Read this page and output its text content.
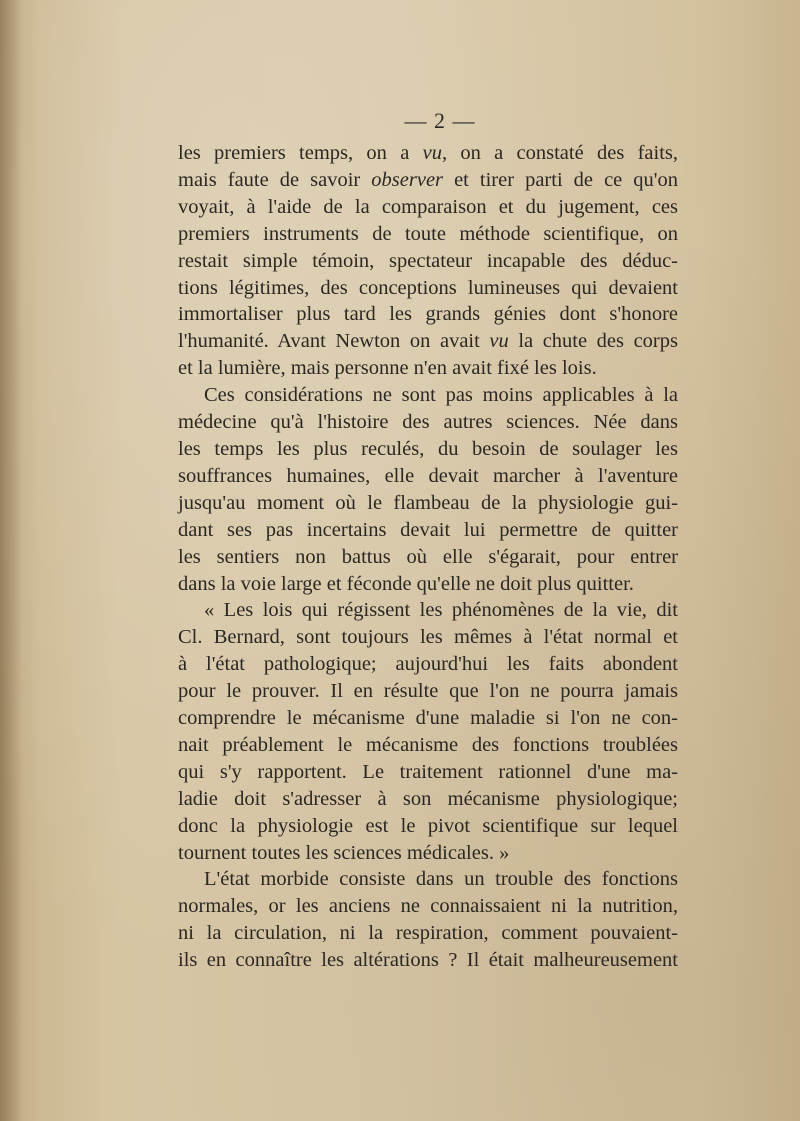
— 2 —
les premiers temps, on a vu, on a constaté des faits,
mais faute de savoir observer et tirer parti de ce qu'on
voyait, à l'aide de la comparaison et du jugement, ces
premiers instruments de toute méthode scientifique, on
restait simple témoin, spectateur incapable des déduc-
tions légitimes, des conceptions lumineuses qui devaient
immortaliser plus tard les grands génies dont s'honore
l'humanité. Avant Newton on avait vu la chute des corps
et la lumière, mais personne n'en avait fixé les lois.
Ces considérations ne sont pas moins applicables à la
médecine qu'à l'histoire des autres sciences. Née dans
les temps les plus reculés, du besoin de soulager les
souffrances humaines, elle devait marcher à l'aventure
jusqu'au moment où le flambeau de la physiologie gui-
dant ses pas incertains devait lui permettre de quitter
les sentiers non battus où elle s'égarait, pour entrer
dans la voie large et féconde qu'elle ne doit plus quitter.
« Les lois qui régissent les phénomènes de la vie, dit
Cl. Bernard, sont toujours les mêmes à l'état normal et
à l'état pathologique; aujourd'hui les faits abondent
pour le prouver. Il en résulte que l'on ne pourra jamais
comprendre le mécanisme d'une maladie si l'on ne con-
nait préablement le mécanisme des fonctions troublées
qui s'y rapportent. Le traitement rationnel d'une ma-
ladie doit s'adresser à son mécanisme physiologique;
donc la physiologie est le pivot scientifique sur lequel
tournent toutes les sciences médicales. »
L'état morbide consiste dans un trouble des fonctions
normales, or les anciens ne connaissaient ni la nutrition,
ni la circulation, ni la respiration, comment pouvaient-
ils en connaître les altérations ? Il était malheureusement
